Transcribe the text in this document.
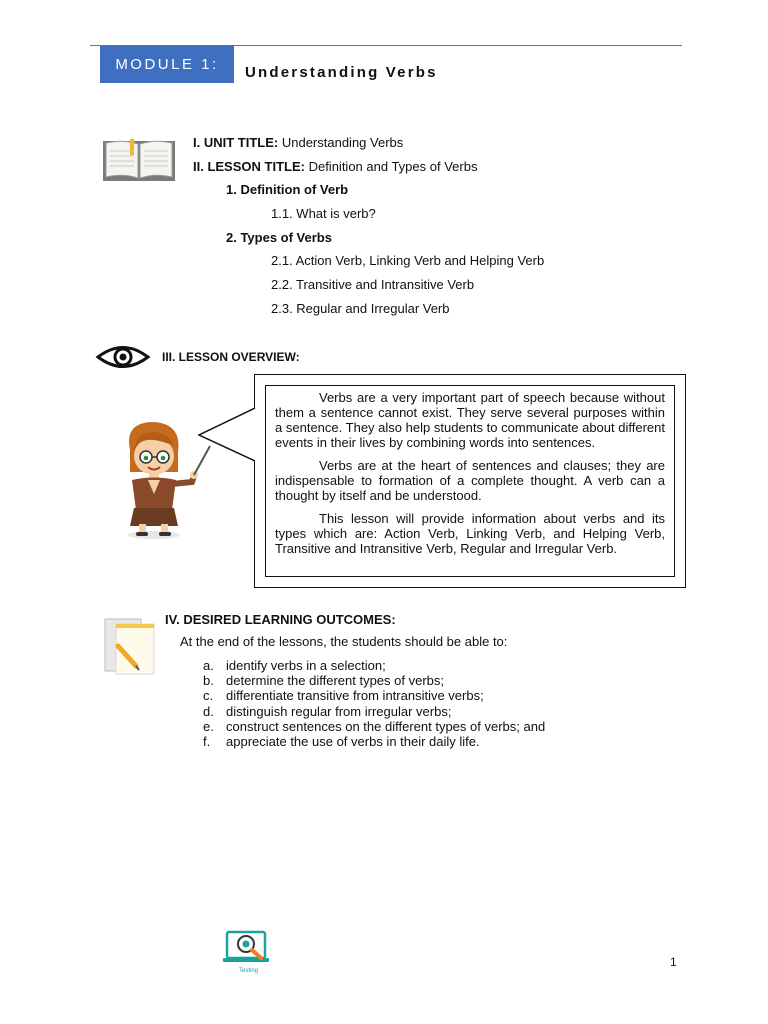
MODULE 1:	Understanding Verbs
I. UNIT TITLE: Understanding Verbs
II. LESSON TITLE: Definition and Types of Verbs
1. Definition of Verb
1.1. What is verb?
2. Types of Verbs
2.1. Action Verb, Linking Verb and Helping Verb
2.2. Transitive and Intransitive Verb
2.3. Regular and Irregular Verb
III. LESSON OVERVIEW:

Verbs are a very important part of speech because without them a sentence cannot exist. They serve several purposes within a sentence. They also help students to communicate about different events in their lives by combining words into sentences.

Verbs are at the heart of sentences and clauses; they are indispensable to formation of a complete thought. A verb can a thought by itself and be understood.

This lesson will provide information about verbs and its types which are: Action Verb, Linking Verb, and Helping Verb, Transitive and Intransitive Verb, Regular and Irregular Verb.

IV. DESIRED LEARNING OUTCOMES:
At the end of the lessons, the students should be able to:
a. identify verbs in a selection;
b. determine the different types of verbs;
c. differentiate transitive from intransitive verbs;
d. distinguish regular from irregular verbs;
e. construct sentences on the different types of verbs; and
f.	appreciate the use of verbs in their daily life.
Testing
1
